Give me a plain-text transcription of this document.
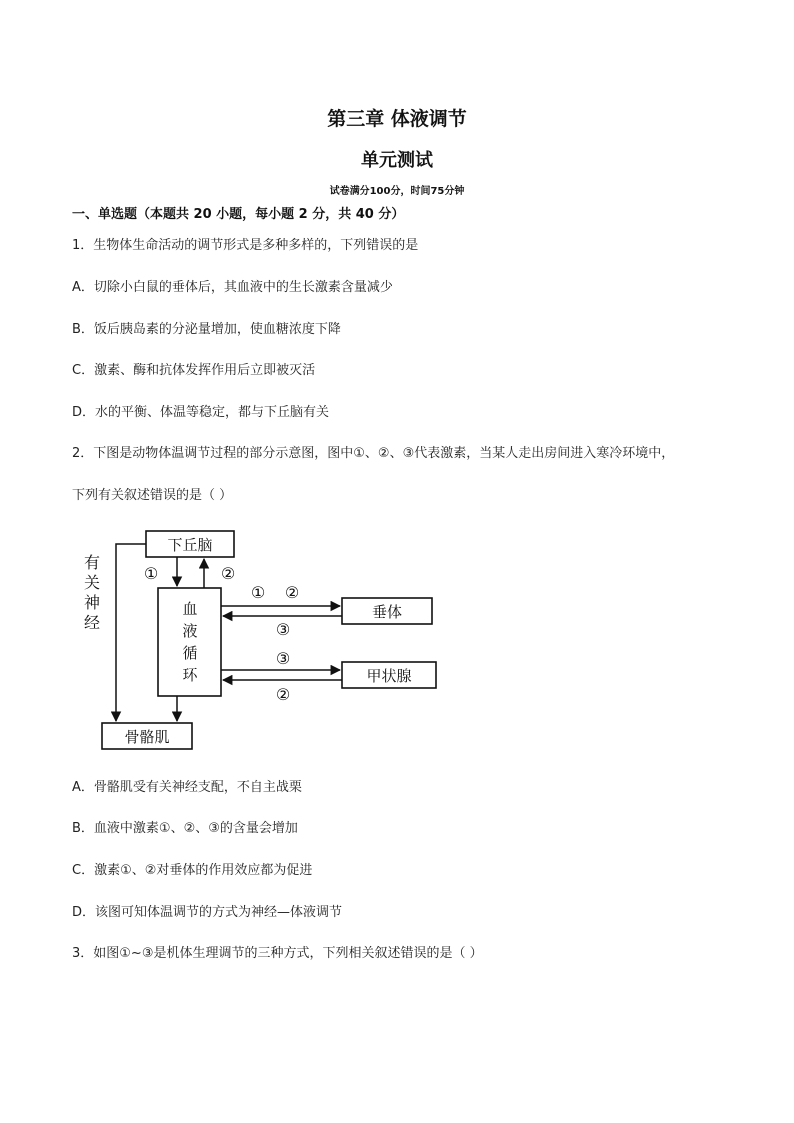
第三章 体液调节
单元测试
试卷满分100分，时间75分钟
一、单选题（本题共 20 小题，每小题 2 分，共 40 分）
1．生物体生命活动的调节形式是多种多样的，下列错误的是
A．切除小白鼠的垂体后，其血液中的生长激素含量减少
B．饭后胰岛素的分泌量增加，使血糖浓度下降
C．激素、酶和抗体发挥作用后立即被灭活
D．水的平衡、体温等稳定，都与下丘脑有关
2．下图是动物体温调节过程的部分示意图，图中①、②、③代表激素，当某人走出房间进入寒冷环境中，
下列有关叙述错误的是（ ）
下丘脑
血
液
循
环
垂体
甲状腺
骨骼肌
有
关
神
经
①	②
① ②
③
③
②
A．骨骼肌受有关神经支配，不自主战栗
B．血液中激素①、②、③的含量会增加
C．激素①、②对垂体的作用效应都为促进
D．该图可知体温调节的方式为神经—体液调节
3．如图①~③是机体生理调节的三种方式，下列相关叙述错误的是（ ）
